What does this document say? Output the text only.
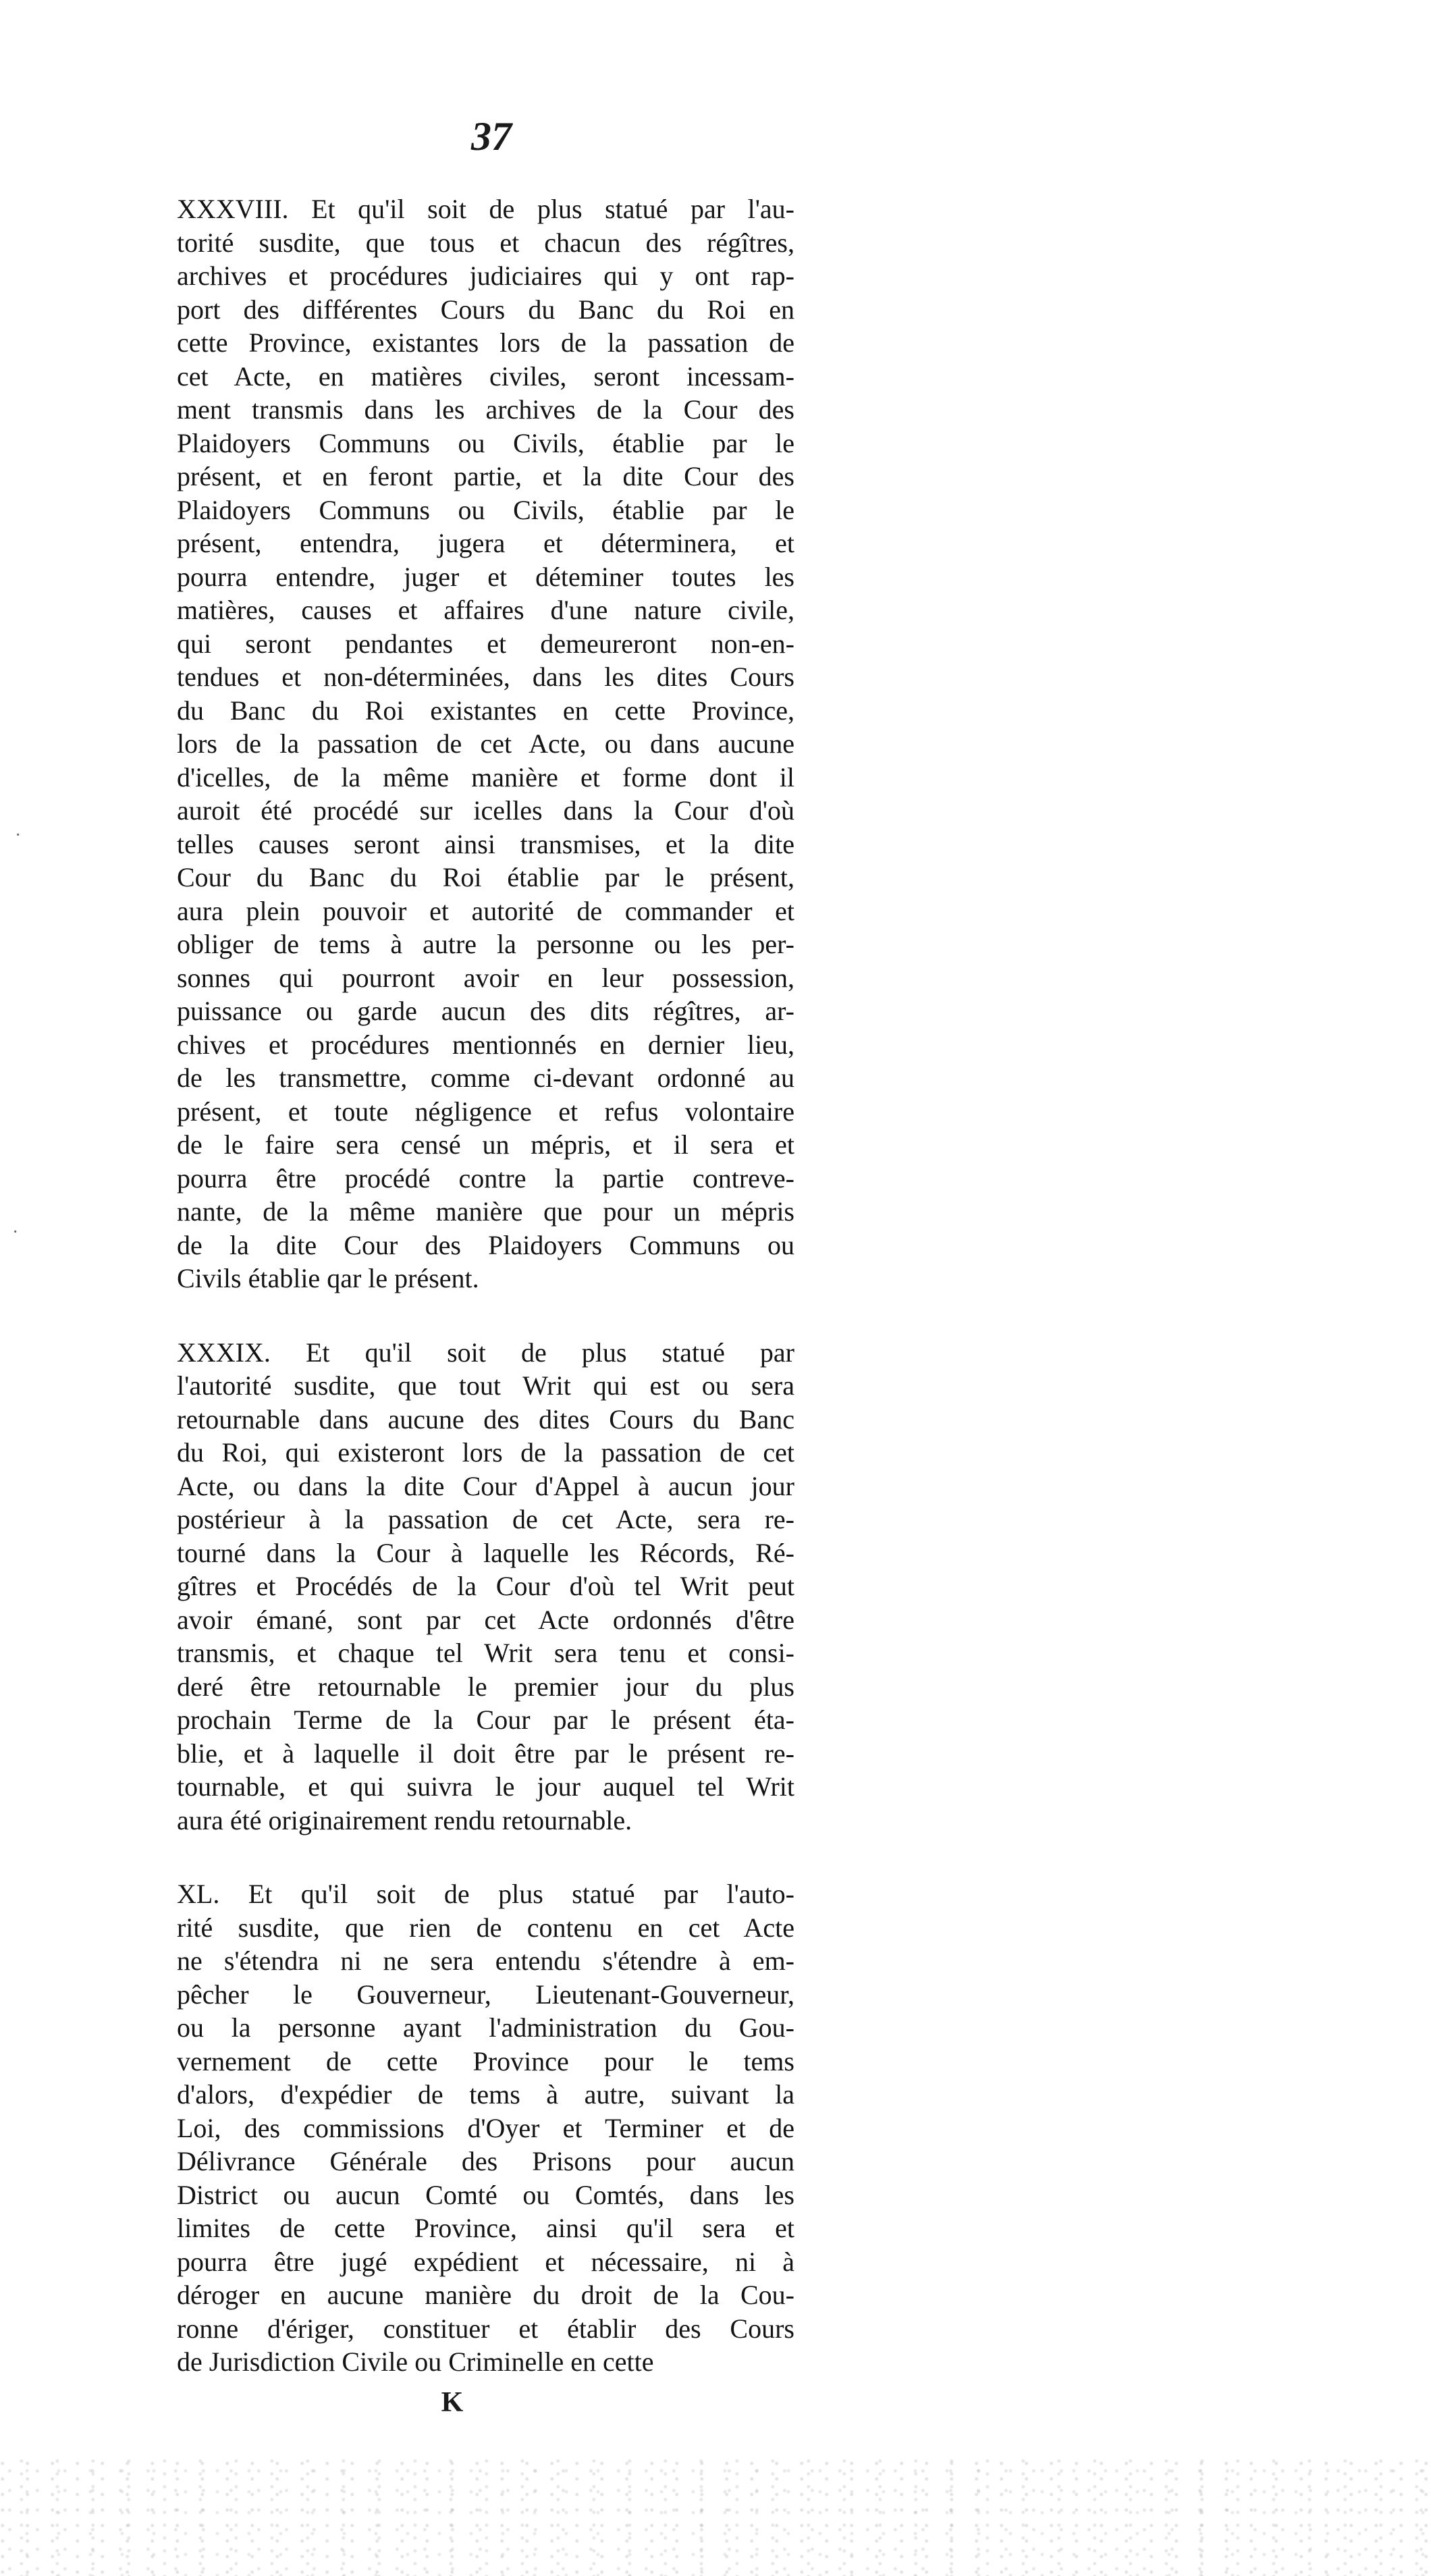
37
XXXVIII. Et qu'il soit de plus statué par l'au-
torité susdite, que tous et chacun des régîtres,
archives et procédures judiciaires qui y ont rap-
port des différentes Cours du Banc du Roi en
cette Province, existantes lors de la passation de
cet Acte, en matières civiles, seront incessam-
ment transmis dans les archives de la Cour des
Plaidoyers Communs ou Civils, établie par le
présent, et en feront partie, et la dite Cour des
Plaidoyers Communs ou Civils, établie par le
présent, entendra, jugera et déterminera, et
pourra entendre, juger et déteminer toutes les
matières, causes et affaires d'une nature civile,
qui seront pendantes et demeureront non-en-
tendues et non-déterminées, dans les dites Cours
du Banc du Roi existantes en cette Province,
lors de la passation de cet Acte, ou dans aucune
d'icelles, de la même manière et forme dont il
auroit été procédé sur icelles dans la Cour d'où
telles causes seront ainsi transmises, et la dite
Cour du Banc du Roi établie par le présent,
aura plein pouvoir et autorité de commander et
obliger de tems à autre la personne ou les per-
sonnes qui pourront avoir en leur possession,
puissance ou garde aucun des dits régîtres, ar-
chives et procédures mentionnés en dernier lieu,
de les transmettre, comme ci-devant ordonné au
présent, et toute négligence et refus volontaire
de le faire sera censé un mépris, et il sera et
pourra être procédé contre la partie contreve-
nante, de la même manière que pour un mépris
de la dite Cour des Plaidoyers Communs ou
Civils établie qar le présent.
XXXIX. Et qu'il soit de plus statué par
l'autorité susdite, que tout Writ qui est ou sera
retournable dans aucune des dites Cours du Banc
du Roi, qui existeront lors de la passation de cet
Acte, ou dans la dite Cour d'Appel à aucun jour
postérieur à la passation de cet Acte, sera re-
tourné dans la Cour à laquelle les Récords, Ré-
gîtres et Procédés de la Cour d'où tel Writ peut
avoir émané, sont par cet Acte ordonnés d'être
transmis, et chaque tel Writ sera tenu et consi-
deré être retournable le premier jour du plus
prochain Terme de la Cour par le présent éta-
blie, et à laquelle il doit être par le présent re-
tournable, et qui suivra le jour auquel tel Writ
aura été originairement rendu retournable.
XL. Et qu'il soit de plus statué par l'auto-
rité susdite, que rien de contenu en cet Acte
ne s'étendra ni ne sera entendu s'étendre à em-
pêcher le Gouverneur, Lieutenant-Gouverneur,
ou la personne ayant l'administration du Gou-
vernement de cette Province pour le tems
d'alors, d'expédier de tems à autre, suivant la
Loi, des commissions d'Oyer et Terminer et de
Délivrance Générale des Prisons pour aucun
District ou aucun Comté ou Comtés, dans les
limites de cette Province, ainsi qu'il sera et
pourra être jugé expédient et nécessaire, ni à
déroger en aucune manière du droit de la Cou-
ronne d'ériger, constituer et établir des Cours
de Jurisdiction Civile ou Criminelle en cette
K
·
·
